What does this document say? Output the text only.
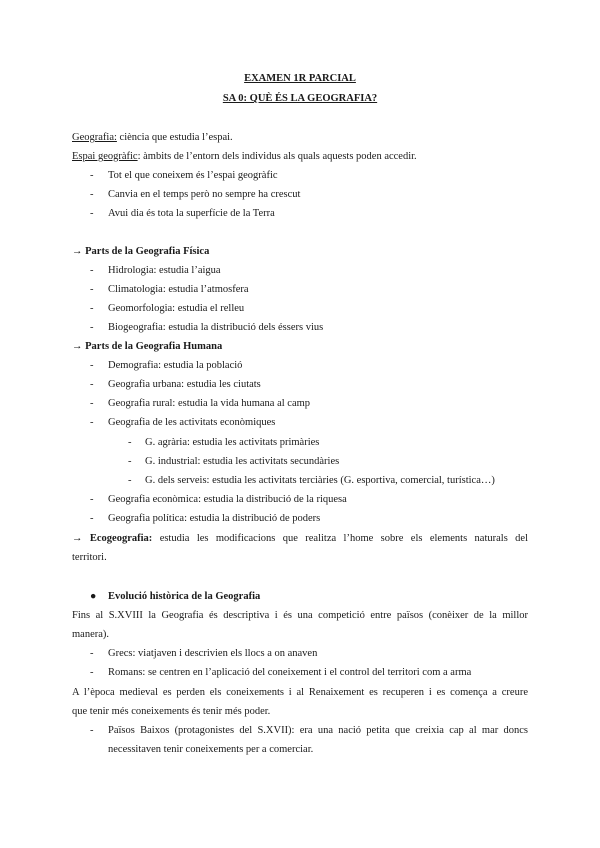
EXAMEN 1R PARCIAL
SA 0: QUÈ ÉS LA GEOGRAFIA?
Geografia: ciència que estudia l’espai.
Espai geogràfic: àmbits de l’entorn dels individus als quals aquests poden accedir.
- Tot el que coneixem és l’espai geogràfic
- Canvia en el temps però no sempre ha crescut
- Avui dia és tota la superfície de la Terra
→ Parts de la Geografia Física
- Hidrologia: estudia l’aigua
- Climatologia: estudia l’atmosfera
- Geomorfologia: estudia el relleu
- Biogeografia: estudia la distribució dels éssers vius
→ Parts de la Geografia Humana
- Demografia: estudia la població
- Geografia urbana: estudia les ciutats
- Geografia rural: estudia la vida humana al camp
- Geografia de les activitats econòmiques
- G. agrària: estudia les activitats primàries
- G. industrial: estudia les activitats secundàries
- G. dels serveis: estudia les activitats terciàries (G. esportiva, comercial, turística…)
- Geografia econòmica: estudia la distribució de la riquesa
- Geografia política: estudia la distribució de poders
→ Ecogeografia: estudia les modificacions que realitza l’home sobre els elements naturals del
territori.
● Evolució històrica de la Geografia
Fins al S.XVIII la Geografia és descriptiva i és una competició entre països (conèixer de la millor
manera).
- Grecs: viatjaven i descrivien els llocs a on anaven
- Romans: se centren en l’aplicació del coneixement i el control del territori com a arma
A l’època medieval es perden els coneixements i al Renaixement es recuperen i es comença a creure
que tenir més coneixements és tenir més poder.
- Països Baixos (protagonistes del S.XVII): era una nació petita que creixia cap al mar doncs
necessitaven tenir coneixements per a comerciar.
